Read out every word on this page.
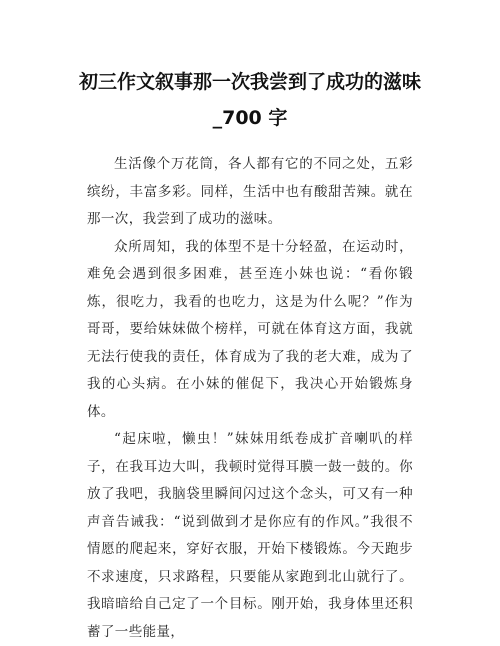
初三作文叙事那一次我尝到了成功的滋味_700 字

生活像个万花筒，各人都有它的不同之处，五彩缤纷，丰富多彩。同样，生活中也有酸甜苦辣。就在那一次，我尝到了成功的滋味。

众所周知，我的体型不是十分轻盈，在运动时，难免会遇到很多困难，甚至连小妹也说：“看你锻炼，很吃力，我看的也吃力，这是为什么呢？”作为哥哥，要给妹妹做个榜样，可就在体育这方面，我就无法行使我的责任，体育成为了我的老大难，成为了我的心头病。在小妹的催促下，我决心开始锻炼身体。

“起床啦，懒虫！”妹妹用纸卷成扩音喇叭的样子，在我耳边大叫，我顿时觉得耳膜一鼓一鼓的。你放了我吧，我脑袋里瞬间闪过这个念头，可又有一种声音告诫我：“说到做到才是你应有的作风。”我很不情愿的爬起来，穿好衣服，开始下楼锻炼。今天跑步不求速度，只求路程，只要能从家跑到北山就行了。我暗暗给自己定了一个目标。刚开始，我身体里还积蓄了一些能量，
